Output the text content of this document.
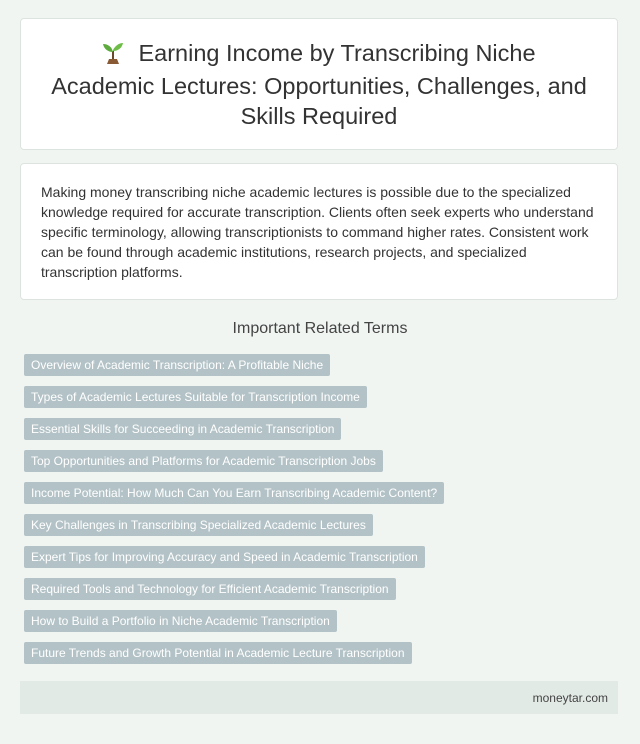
Earning Income by Transcribing Niche Academic Lectures: Opportunities, Challenges, and Skills Required

Making money transcribing niche academic lectures is possible due to the specialized knowledge required for accurate transcription. Clients often seek experts who understand specific terminology, allowing transcriptionists to command higher rates. Consistent work can be found through academic institutions, research projects, and specialized transcription platforms.

Important Related Terms
Overview of Academic Transcription: A Profitable Niche
Types of Academic Lectures Suitable for Transcription Income
Essential Skills for Succeeding in Academic Transcription
Top Opportunities and Platforms for Academic Transcription Jobs
Income Potential: How Much Can You Earn Transcribing Academic Content?
Key Challenges in Transcribing Specialized Academic Lectures
Expert Tips for Improving Accuracy and Speed in Academic Transcription
Required Tools and Technology for Efficient Academic Transcription
How to Build a Portfolio in Niche Academic Transcription
Future Trends and Growth Potential in Academic Lecture Transcription
moneytar.com
